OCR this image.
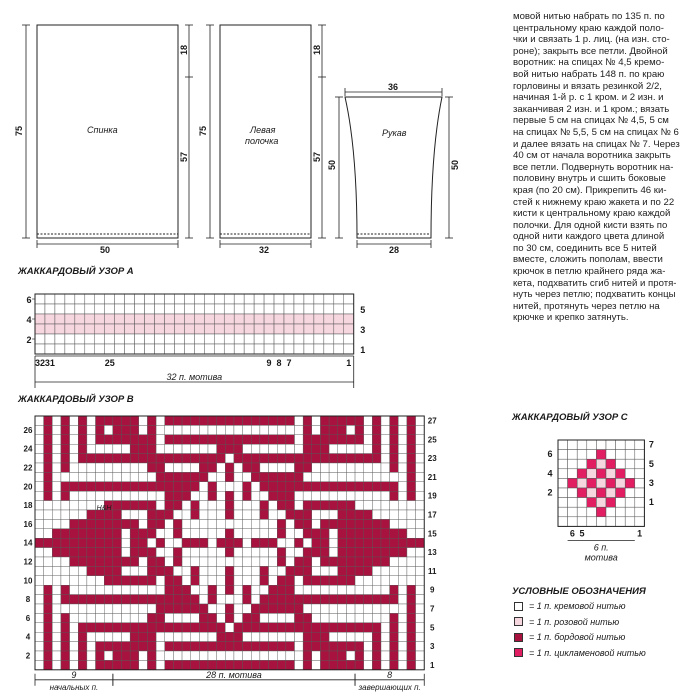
Спинка
75
18
57
50
Левая
полочка
75
18
57
32
Рукав
36
28
50	50
мовой нитью набрать по 135 п. по
центральному краю каждой поло-
чки и связать 1 р. лиц. (на изн. сто-
роне); закрыть все петли. Двойной
воротник: на спицах № 4,5 кремо-
вой нитью набрать 148 п. по краю
горловины и вязать резинкой 2/2,
начиная 1-й р. с 1 кром. и 2 изн. и
заканчивая 2 изн. и 1 кром.; вязать
первые 5 см на спицах № 4,5, 5 см
на спицах № 5,5, 5 см на спицах № 6
и далее вязать на спицах № 7. Через
40 см от начала воротника закрыть
все петли. Подвернуть воротник на-
половину внутрь и сшить боковые
края (по 20 см). Прикрепить 46 ки-
стей к нижнему краю жакета и по 22
кисти к центральному краю каждой
полочки. Для одной кисти взять по
одной нити каждого цвета длиной
по 30 см, соединить все 5 нитей
вместе, сложить пополам, ввести
крючок в петлю крайнего ряда жа-
кета, подхватить сгиб нитей и протя-
нуть через петлю; подхватить концы
нитей, протянуть через петлю на
крючке и крепко затянуть.
ЖАККАРДОВЫЙ УЗОР А
6
4
2
5
3
1
32 31	25	9 8 7	1
32 п. мотива
ЖАККАРДОВЫЙ УЗОР В
26
24
22
20
18
16
14
12
10
8
6
4
2
27
25
23
21
19
17
15
13
11
9
7
5
3
1
H&H
9
начальных п.
28 п. мотива	8
завершающих п.
ЖАККАРДОВЫЙ УЗОР С
6
4
2
7
5
3
1
6 5	1
6 п.
мотива
УСЛОВНЫЕ ОБОЗНАЧЕНИЯ
= 1 п. кремовой нитью
= 1 п. розовой нитью
= 1 п. бордовой нитью
= 1 п. цикламеновой нитью
